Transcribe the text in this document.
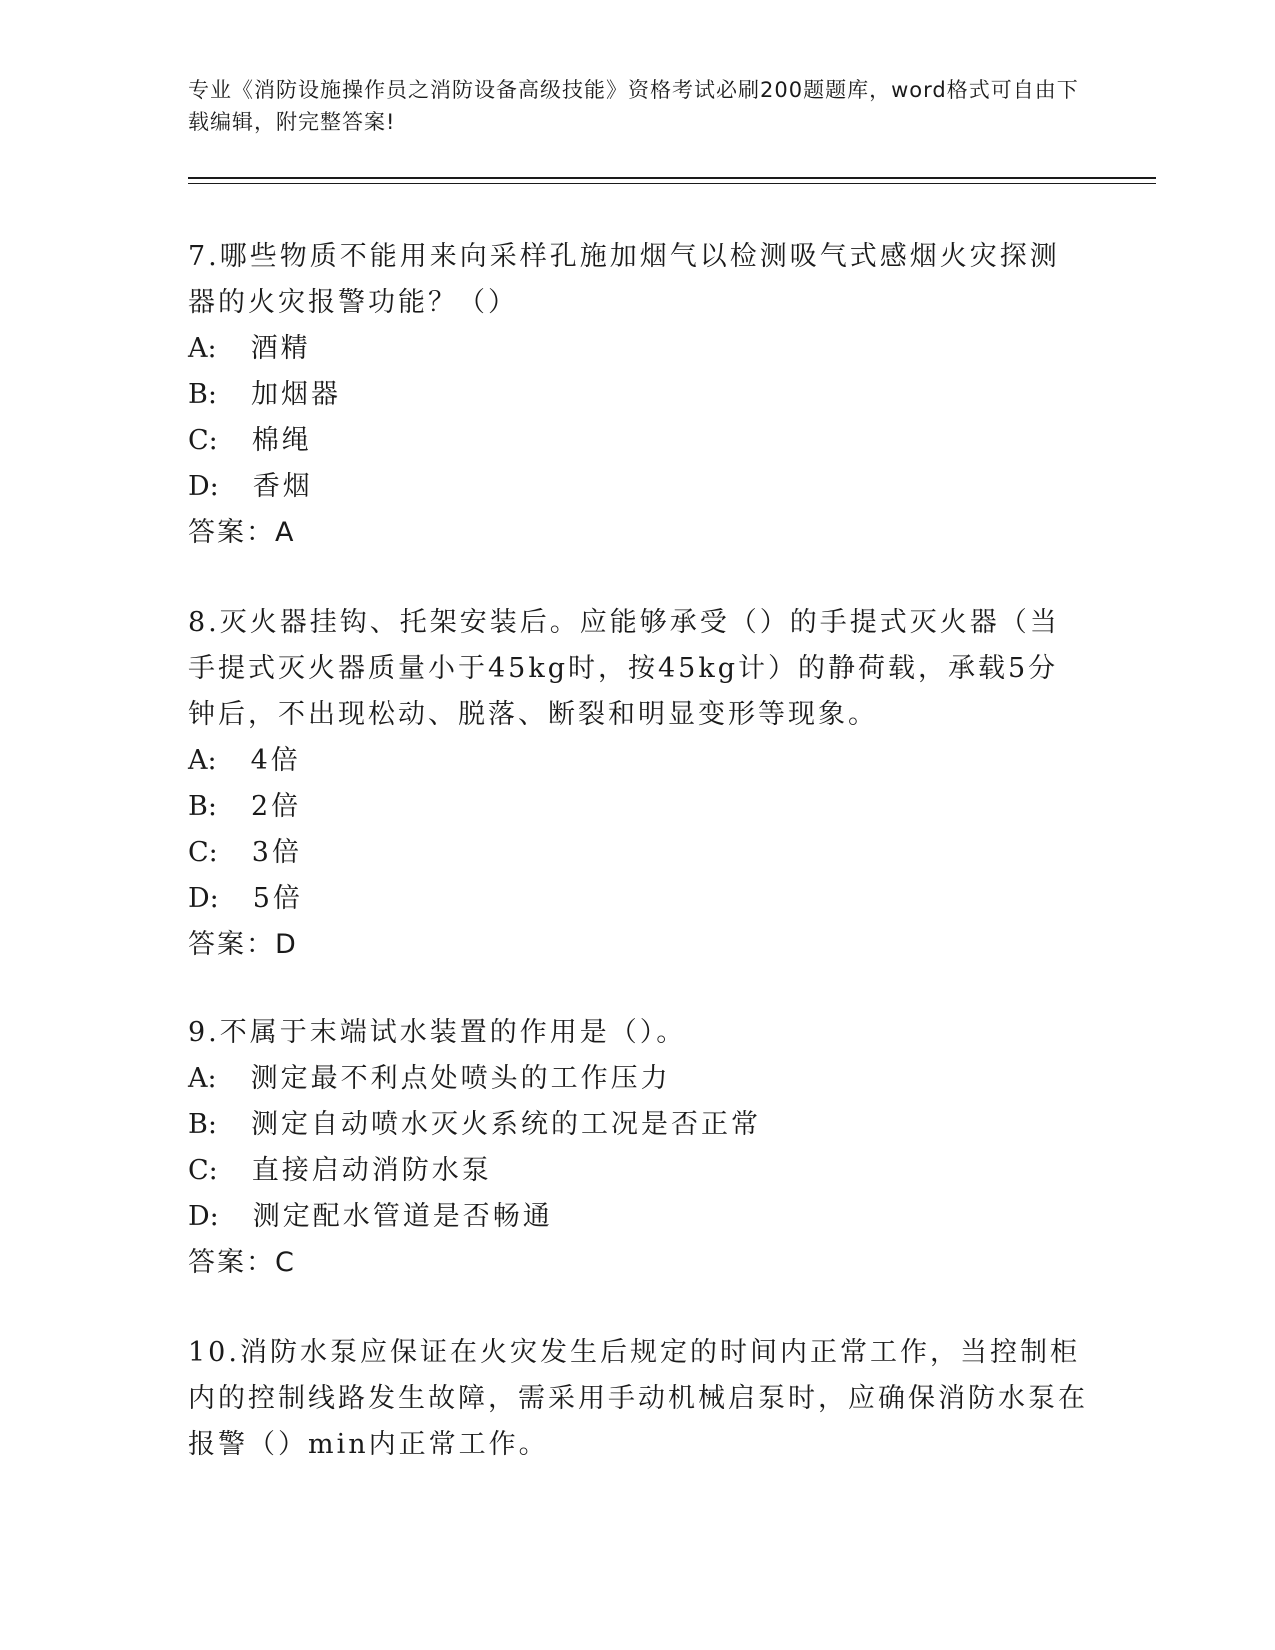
专业《消防设施操作员之消防设备高级技能》资格考试必刷200题题库，word格式可自由下载编辑，附完整答案!
7.哪些物质不能用来向采样孔施加烟气以检测吸气式感烟火灾探测器的火灾报警功能？（）
A: 酒精
B: 加烟器
C: 棉绳
D: 香烟
答案：A
8.灭火器挂钩、托架安装后。应能够承受（）的手提式灭火器（当手提式灭火器质量小于45kg时，按45kg计）的静荷载，承载5分钟后，不出现松动、脱落、断裂和明显变形等现象。
A: 4倍
B: 2倍
C: 3倍
D: 5倍
答案：D
9.不属于末端试水装置的作用是（）。
A: 测定最不利点处喷头的工作压力
B: 测定自动喷水灭火系统的工况是否正常
C: 直接启动消防水泵
D: 测定配水管道是否畅通
答案：C
10.消防水泵应保证在火灾发生后规定的时间内正常工作，当控制柜内的控制线路发生故障，需采用手动机械启泵时，应确保消防水泵在报警（）min内正常工作。
